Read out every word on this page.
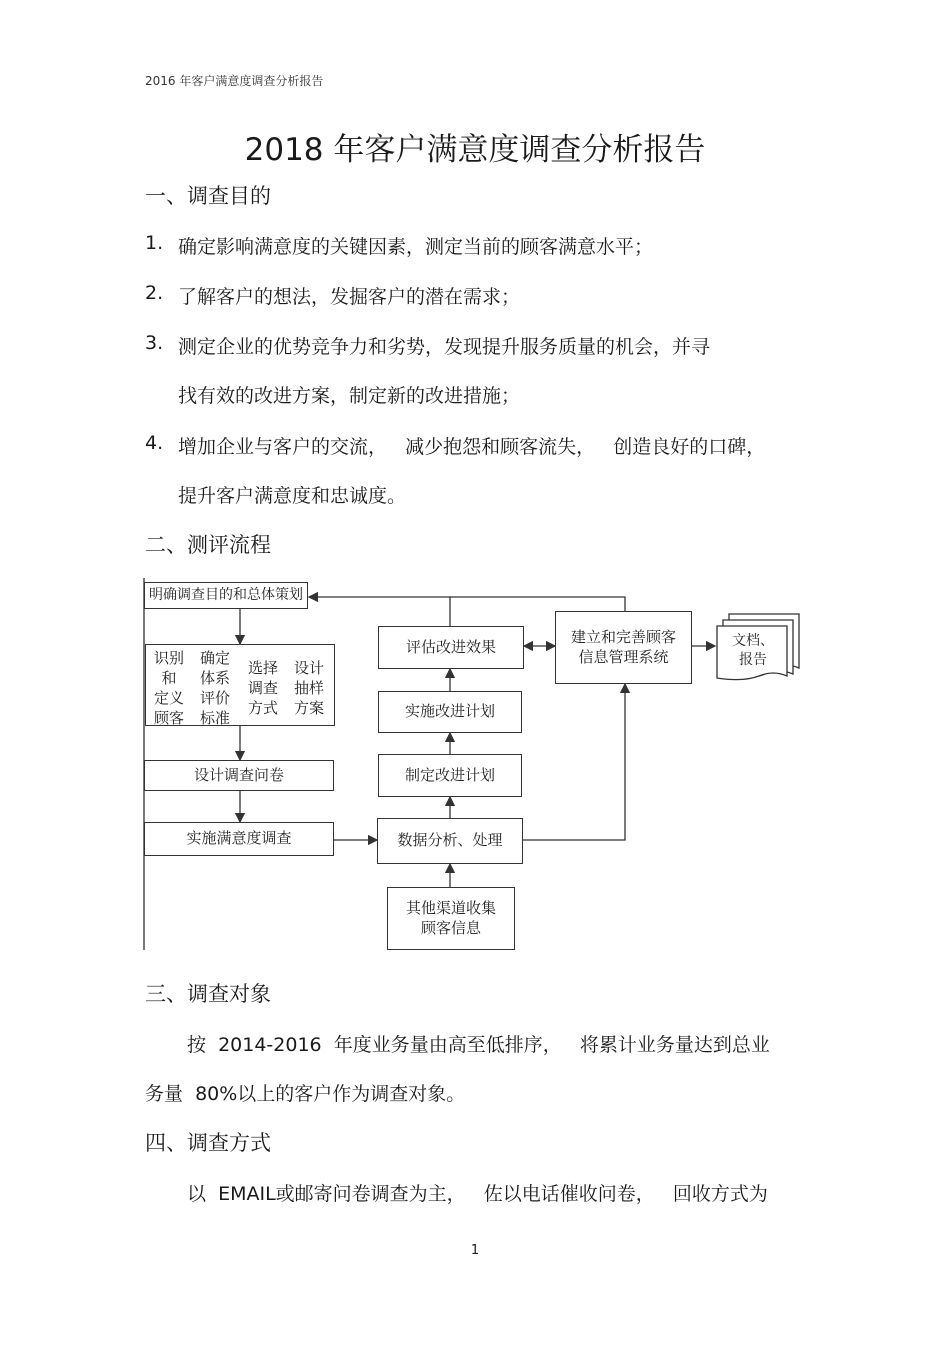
2016 年客户满意度调查分析报告
2018 年客户满意度调查分析报告
一、调查目的
1. 确定影响满意度的关键因素，测定当前的顾客满意水平；
2. 了解客户的想法，发掘客户的潜在需求；
3. 测定企业的优势竞争力和劣势，发现提升服务质量的机会，并寻
找有效的改进方案，制定新的改进措施；
4. 增加企业与客户的交流，   减少抱怨和顾客流失，   创造良好的口碑，
提升客户满意度和忠诚度。
二、测评流程
明确调查目的和总体策划
识别
和
定义
顾客
确定
体系
评价
标准
选择
调查
方式
设计
抽样
方案
设计调查问卷
实施满意度调查	数据分析、处理
其他渠道收集
顾客信息
制定改进计划
实施改进计划
评估改进效果
建立和完善顾客
信息管理系统
文档、
报告
三、调查对象
按  2014-2016  年度业务量由高至低排序，   将累计业务量达到总业
务量  80%以上的客户作为调查对象。
四、调查方式
以  EMAIL或邮寄问卷调查为主，   佐以电话催收问卷，   回收方式为
1
